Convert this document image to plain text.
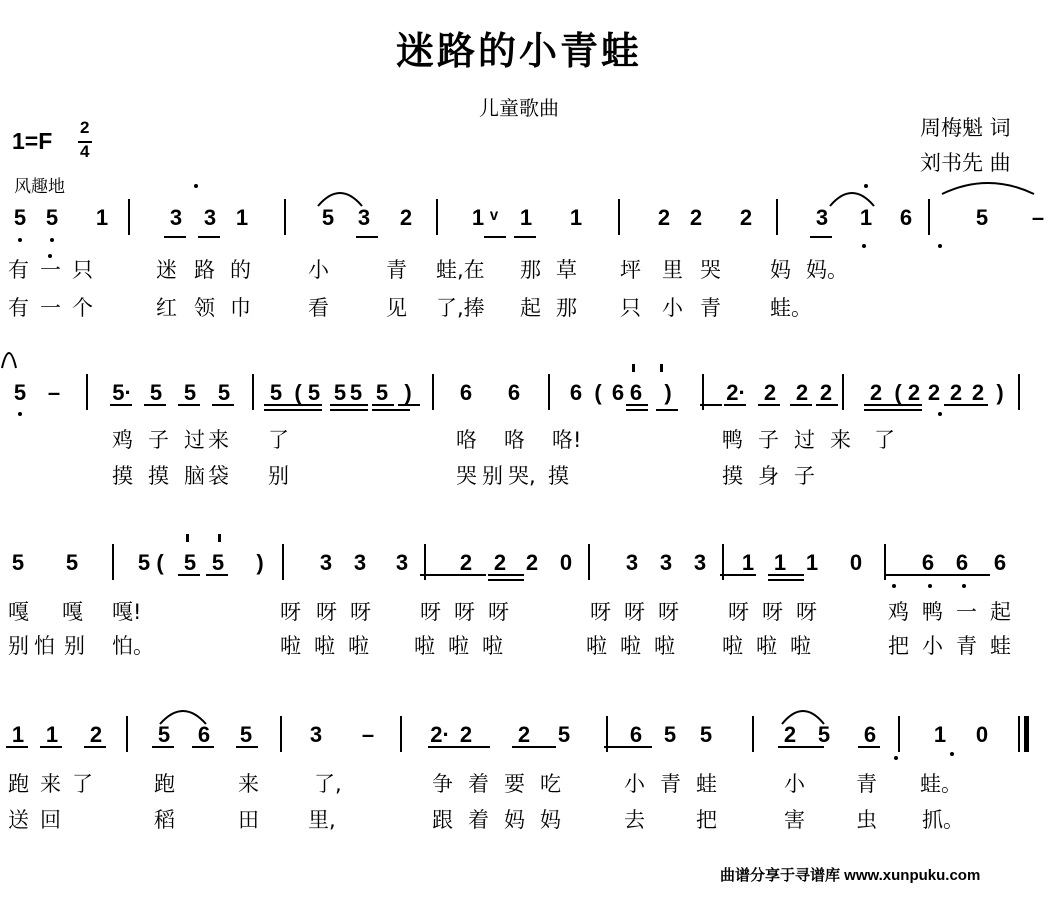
迷路的小青蛙
儿童歌曲
周梅魁 词
刘书先 曲
1=F
2
4
风趣地
曲谱分享于寻谱库 www.xunpuku.com
5 5 1	3 3 1	5 3 2	1 ᵛ 1 1	2 2 2	3 1 6	5 –
有 一 只	迷 路 的	小	青 蛙,在 那 草 坪 里 哭 妈 妈。
有 一 个	红 领 巾	看	见 了,捧 起 那 只 小 青 蛙。
5 – 5· 5 5 5 5 ( 5 5 5 5 ) 6 6 6 ( 6 6 ) 2· 2 2 2 2 ( 2 2 2 2 )
鸡 子 过 来 了	咯 咯 咯!	鸭 子 过 来 了
摸 摸 脑 袋 别	哭 别 哭, 摸	摸 身 子
5 5	5 ( 5 5 )	3 3 3 2 2 2 0 3 3 3 1 1 1 0	6 6 6
嘎 嘎 嘎!	呀 呀 呀 呀 呀 呀	呀 呀 呀 呀 呀 呀	鸡 鸭 一 起
别 怕 别 怕。	啦 啦 啦 啦 啦 啦	啦 啦 啦 啦 啦 啦	把 小 青 蛙
1 1 2	5 6 5	3 –	2· 2 2 5	6 5 5	2 5 6	1 0
跑 来 了	跑	来	了,	争 着 要 吃	小 青 蛙	小 青 蛙。
送 回	稻	田 里,	跟 着 妈 妈	去 把	害 虫 抓。
